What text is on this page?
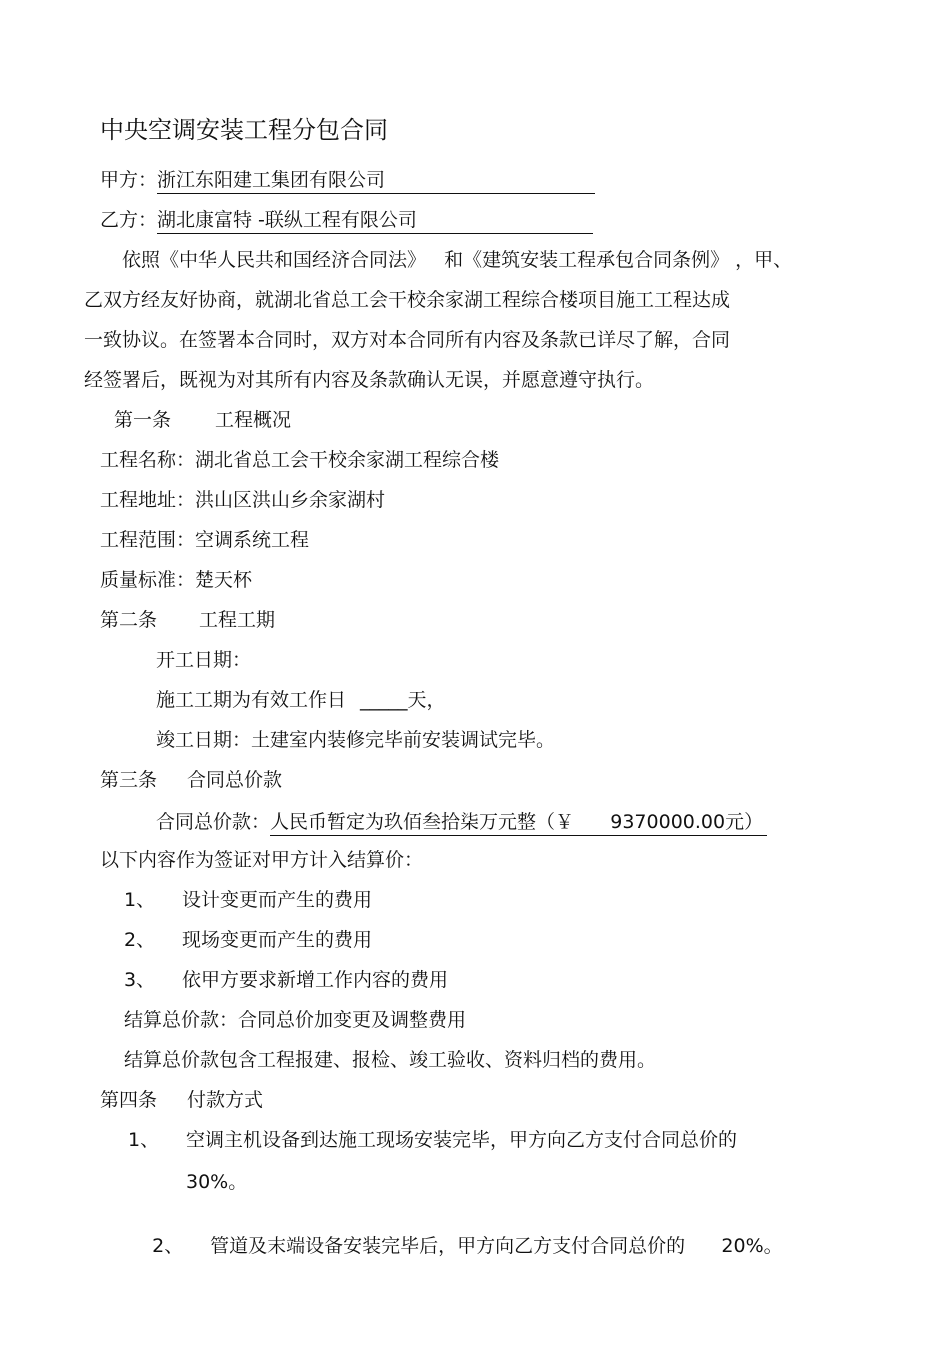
中央空调安装工程分包合同
甲方：浙江东阳建工集团有限公司
乙方：湖北康富特 -联纵工程有限公司
依照《中华人民共和国经济合同法》   和《建筑安装工程承包合同条例》 ，甲、
乙双方经友好协商，就湖北省总工会干校余家湖工程综合楼项目施工工程达成
一致协议。在签署本合同时，双方对本合同所有内容及条款已详尽了解，合同
经签署后，既视为对其所有内容及条款确认无误，并愿意遵守执行。
第一条 工程概况
工程名称：湖北省总工会干校余家湖工程综合楼
工程地址：洪山区洪山乡余家湖村
工程范围：空调系统工程
质量标准：楚天杯
第二条 工程工期
开工日期：
施工工期为有效工作日 _____天，
竣工日期：土建室内装修完毕前安装调试完毕。
第三条 合同总价款
合同总价款：人民币暂定为玖佰叁拾柒万元整（￥      9370000.00元）
以下内容作为签证对甲方计入结算价：
1、 设计变更而产生的费用
2、 现场变更而产生的费用
3、 依甲方要求新增工作内容的费用
结算总价款：合同总价加变更及调整费用
结算总价款包含工程报建、报检、竣工验收、资料归档的费用。
第四条 付款方式
1、 空调主机设备到达施工现场安装完毕，甲方向乙方支付合同总价的
30%。

2、 管道及末端设备安装完毕后，甲方向乙方支付合同总价的      20%。
